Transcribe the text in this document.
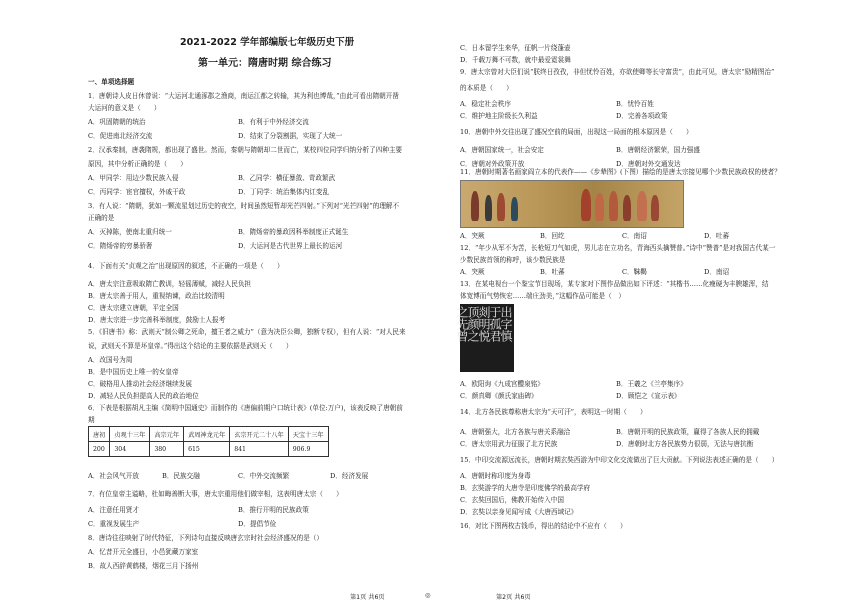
2021-2022 学年部编版七年级历史下册
第一单元：隋唐时期 综合练习
一、单项选择题
1．唐朝诗人皮日休曾说：“大运河北通涿郡之渔商，南运江都之转输，其为利也博哉，”由此可看出隋朝开凿
大运河的意义是（　　）
A．巩固隋朝的统治	B．有利于中外经济交流
C．促进南北经济交流	D．结束了分裂割据，实现了大统一
2．汉承秦制，唐袭隋规，都出现了盛世。然而，秦朝与隋朝却二世而亡，某校四位同学归纳分析了四种主要
原因，其中分析正确的是（　　）
A．甲同学：用边少数民族入侵	B．乙同学：横征暴敛、苛政繁武
C．丙同学：宦官擅权，外戚干政	D．丁同学：统治集体内讧变乱
3．有人说：“隋朝，犹如一颗流星划过历史的夜空，时间虽然短暂却光芒四射。”下列对“光芒四射”的理解不
正确的是
A．灭掉陈，使南北重归统一	B．隋炀帝的暴政因科举制度正式诞生
C．隋炀帝的穷暴骄奢	D．大运河是古代世界上最长的运河
4．下面有关“贞观之治”出现原因的叙述，不正确的一项是（　　）
A．唐太宗注意吸取隋亡教训，轻徭薄赋，减轻人民负担
B．唐太宗善于用人，重视纳谏，政治比较清明
C．唐太宗建立唐朝，平定全国
D．唐太宗进一步完善科举制度，鼓励士人报考
5．《旧唐书》称：武则天“制公卿之死命，擅王者之威力”（意为决臣公卿，独断专权），但有人说：“对人民来
说，武则天不算是坏皇帝。”得出这个结论的主要依据是武则天（　　）
A．改国号为周
B．是中国历史上唯一的女皇帝
C．破格用人推动社会经济继续发展
D．减轻人民负担提高人民的政治地位
6．下表是根据胡凡主编《简明中国通史》而制作的《唐偏前期户口统计表》(单位:万户)，该表反映了唐朝前
期
唐初	贞观十三年	高宗元年	武周神龙元年	玄宗开元二十八年	天宝十三年
200	304	380	615	841	906.9
A．社会风气开放	B．民族交融	C．中外交流频繁	D．经济发展
7．有位皇帝主谥略，杜如晦善断大事，唐太宗重用他们做宰相，这表明唐太宗（　　）
A．注意任用贤才	B．推行开明的民族政策
C．重视发展生产	D．提倡节俭
8．唐诗往往映射了时代特征，下列诗句直接反映唐玄宗时社会经济盛况的是（）
A．忆昔开元全盛日，小邑犹藏万家室
B．故人西辞黄鹤楼，烟花三月下扬州
C．日本留学生来华，征帆一片绕蓬壶
D．千载万舞不可数，就中最爱霓裳舞
9．唐太宗曾对大臣们说“朕终日孜孜，非但忧怜百姓，亦欲使卿等长守富贵”，由此可见，唐太宗“励精图治”
的本质是（　　）
A．稳定社会秩序	B．忧怜百姓
C．维护地主阶级长久利益	D．完善各项政策
10．唐朝中外交往出现了盛况空前的局面，出现这一局面的根本原因是（　　）
A．唐朝国家统一，社会安定	B．唐朝经济繁荣，国力强盛
C．唐朝对外政策开放	D．唐朝对外交通发达
11．唐朝时期著名画家阎立本的代表作——《步辇图》(下图）描绘的是唐太宗接见哪个少数民族政权的使者？
A．突厥	B．回纥	C．南诏	D．吐蕃
12．“年少从军不为苦，长枪短刀气如虎，男儿志在立功名，青海西头擒赞普。”诗中“赞普”是对我国古代某一
少数民族首领的称呼，该少数民族是
A．突厥	B．吐蕃	C．靺鞨	D．南诏
13．在某电视台一个鉴宝节目现场，某专家对下图作品做出如下评述：“其楷书……化瘦硬为丰腴雄浑，结
体宽博而气势恢宏……端庄劲美，”这幅作品可能是（　）
出字慎
于孤君
剡明悦
顶颜之
之先曾
A．欧阳询《九成宫醴泉铭》	B．王羲之《兰亭集序》
C．颜真卿《颜氏家庙碑》	D．顾恺之《宣示表》
14．北方各民族尊称唐太宗为“天可汗”，表明这一时期（　　）
A．唐朝强大，北方各族与唐关系融洽	B．唐朝开明的民族政策，赢得了各族人民的拥戴
C．唐太宗用武力征服了北方民族	D．唐朝时北方各民族势力很弱，无法与唐抗衡
15．中印交流源远流长，唐朝时期玄奘西游为中印文化交流做出了巨大贡献。下列说法表述正确的是（　　）
A．唐朝时称印度为身毒
B．玄奘游学的大唐寺是印度佛学的最高学府
C．玄奘回国后，佛教开始传入中国
D．玄奘以亲身见闻写成《大唐西域记》
16．对比下图两枚古钱币，得出的结论中不应有（　　）
第1页 共6页	◎	第2页 共6页
